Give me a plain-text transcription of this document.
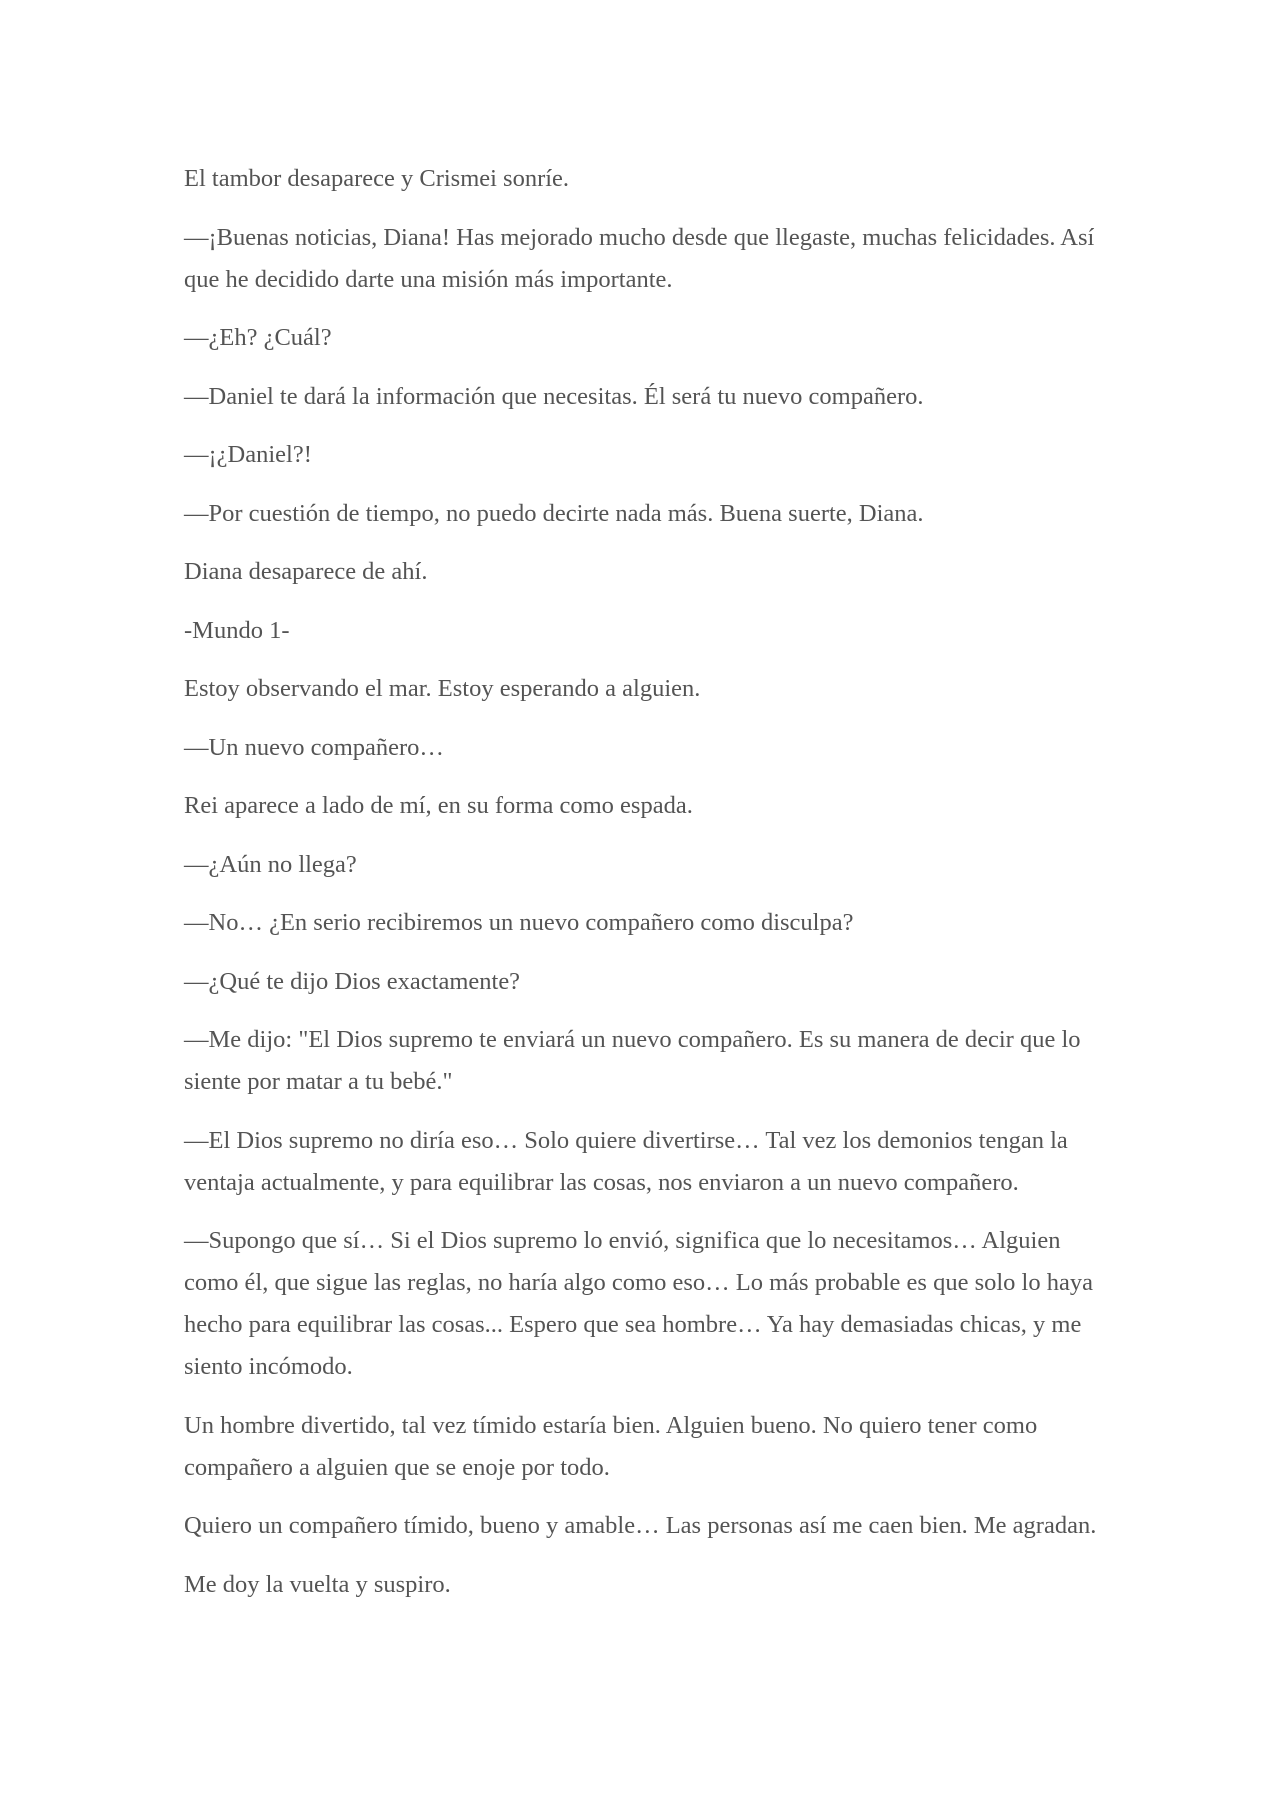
El tambor desaparece y Crismei sonríe.

—¡Buenas noticias, Diana! Has mejorado mucho desde que llegaste, muchas felicidades. Así que he decidido darte una misión más importante.

—¿Eh? ¿Cuál?

—Daniel te dará la información que necesitas. Él será tu nuevo compañero.

—¡¿Daniel?!

—Por cuestión de tiempo, no puedo decirte nada más. Buena suerte, Diana.

Diana desaparece de ahí.

-Mundo 1-

Estoy observando el mar. Estoy esperando a alguien.

—Un nuevo compañero…

Rei aparece a lado de mí, en su forma como espada.

—¿Aún no llega?

—No… ¿En serio recibiremos un nuevo compañero como disculpa?

—¿Qué te dijo Dios exactamente?

—Me dijo: "El Dios supremo te enviará un nuevo compañero. Es su manera de decir que lo siente por matar a tu bebé."

—El Dios supremo no diría eso… Solo quiere divertirse… Tal vez los demonios tengan la ventaja actualmente, y para equilibrar las cosas, nos enviaron a un nuevo compañero.

—Supongo que sí… Si el Dios supremo lo envió, significa que lo necesitamos… Alguien como él, que sigue las reglas, no haría algo como eso… Lo más probable es que solo lo haya hecho para equilibrar las cosas... Espero que sea hombre… Ya hay demasiadas chicas, y me siento incómodo.

Un hombre divertido, tal vez tímido estaría bien. Alguien bueno. No quiero tener como compañero a alguien que se enoje por todo.

Quiero un compañero tímido, bueno y amable… Las personas así me caen bien. Me agradan.

Me doy la vuelta y suspiro.
